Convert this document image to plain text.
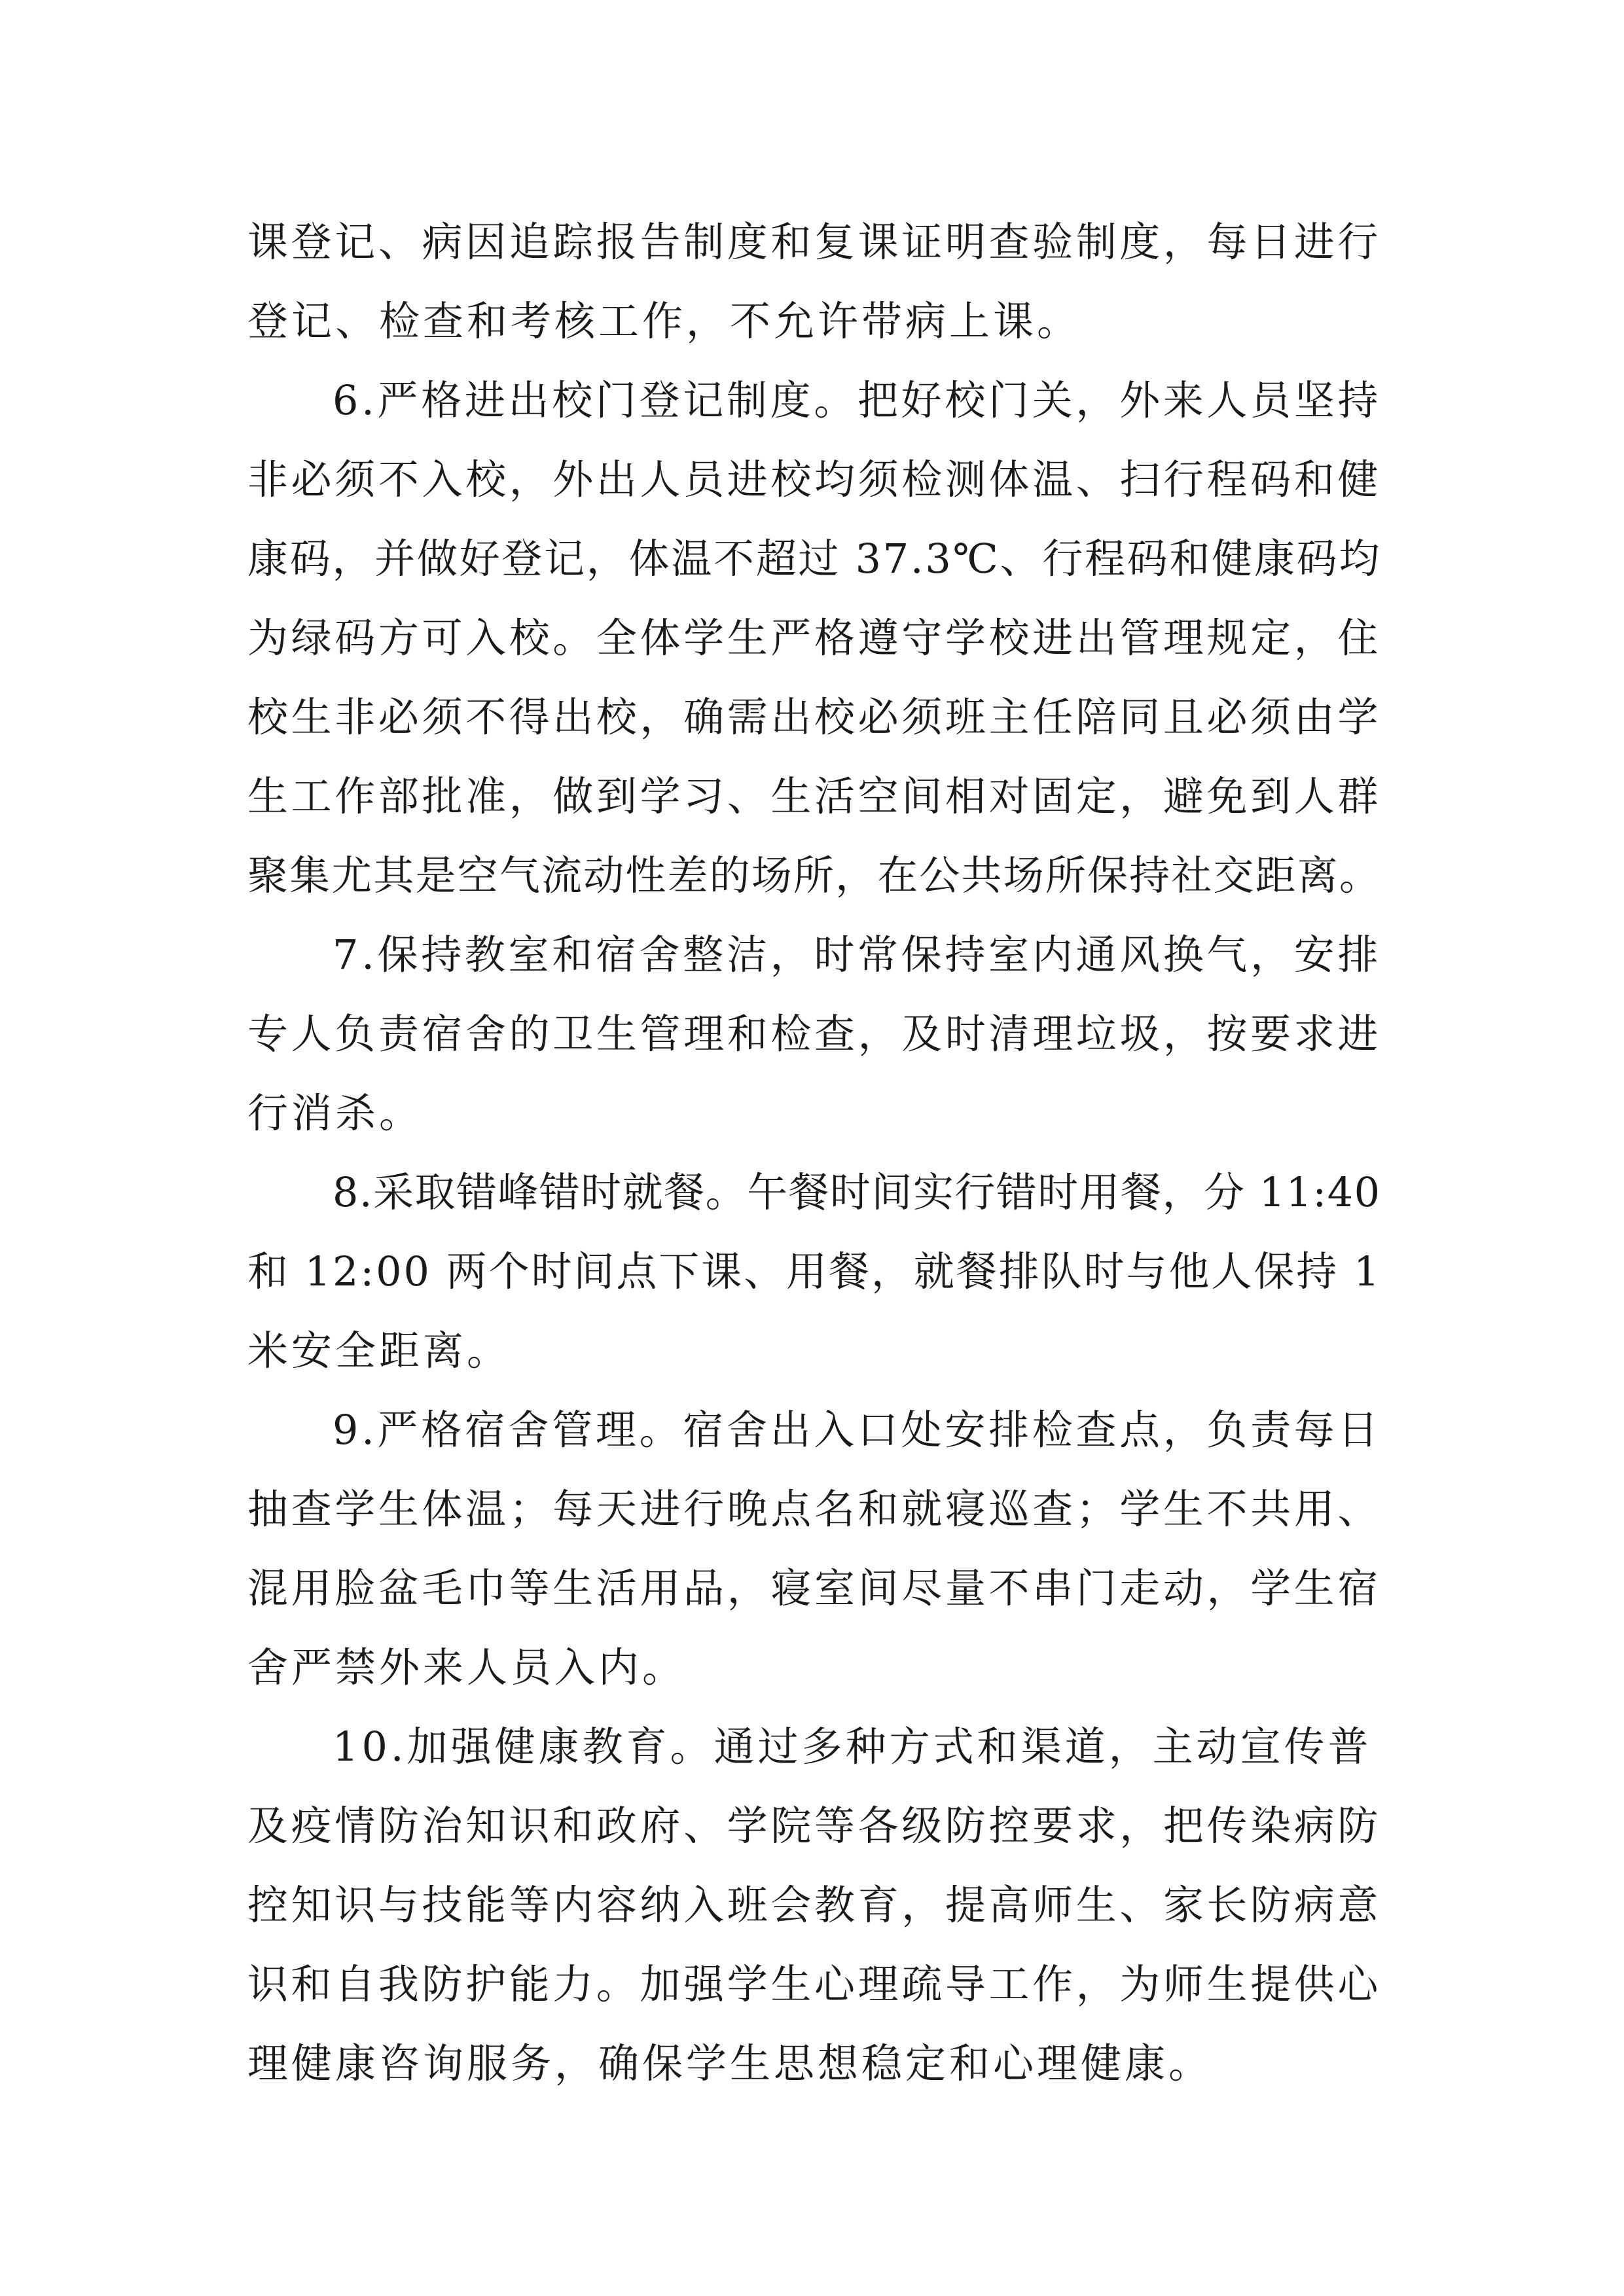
课登记、病因追踪报告制度和复课证明查验制度，每日进行
登记、检查和考核工作，不允许带病上课。
6.严格进出校门登记制度。把好校门关，外来人员坚持
非必须不入校，外出人员进校均须检测体温、扫行程码和健
康码，并做好登记，体温不超过 37.3℃、行程码和健康码均
为绿码方可入校。全体学生严格遵守学校进出管理规定，住
校生非必须不得出校，确需出校必须班主任陪同且必须由学
生工作部批准，做到学习、生活空间相对固定，避免到人群
聚集尤其是空气流动性差的场所，在公共场所保持社交距离。
7.保持教室和宿舍整洁，时常保持室内通风换气，安排
专人负责宿舍的卫生管理和检查，及时清理垃圾，按要求进
行消杀。
8.采取错峰错时就餐。午餐时间实行错时用餐，分 11:40
和 12:00 两个时间点下课、用餐，就餐排队时与他人保持 1
米安全距离。
9.严格宿舍管理。宿舍出入口处安排检查点，负责每日
抽查学生体温；每天进行晚点名和就寝巡查；学生不共用、
混用脸盆毛巾等生活用品，寝室间尽量不串门走动，学生宿
舍严禁外来人员入内。
10.加强健康教育。通过多种方式和渠道，主动宣传普
及疫情防治知识和政府、学院等各级防控要求，把传染病防
控知识与技能等内容纳入班会教育，提高师生、家长防病意
识和自我防护能力。加强学生心理疏导工作，为师生提供心
理健康咨询服务，确保学生思想稳定和心理健康。
